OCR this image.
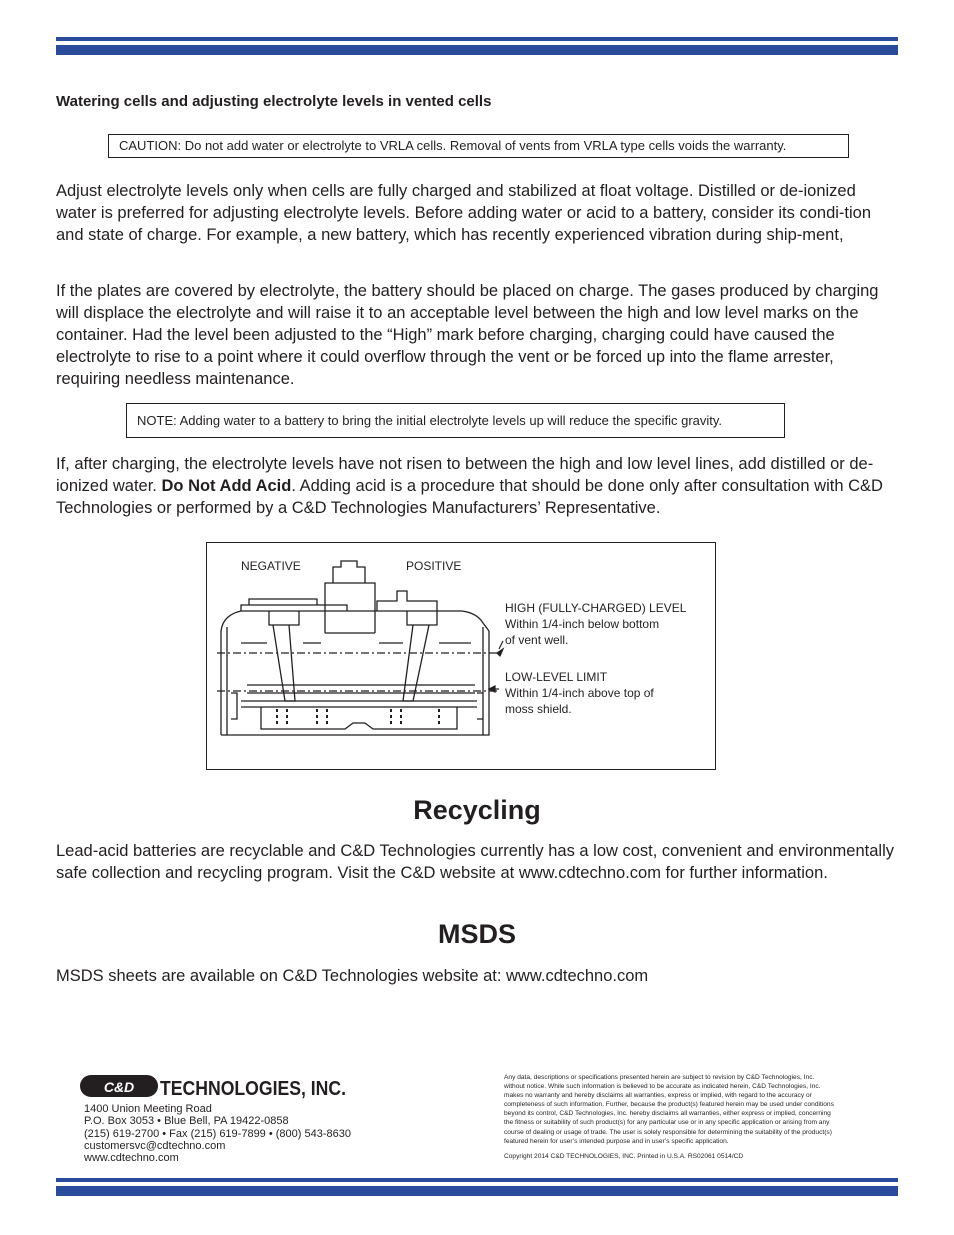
Watering cells and adjusting electrolyte levels in vented cells
CAUTION: Do not add water or electrolyte to VRLA cells. Removal of vents from VRLA type cells voids the warranty.

Adjust electrolyte levels only when cells are fully charged and stabilized at float voltage. Distilled or de-ionized water is preferred for adjusting electrolyte levels. Before adding water or acid to a battery, consider its condi-tion and state of charge. For example, a new battery, which has recently experienced vibration during ship-ment,

If the plates are covered by electrolyte, the battery should be placed on charge. The gases produced by charging will displace the electrolyte and will raise it to an acceptable level between the high and low level marks on the container. Had the level been adjusted to the “High” mark before charging, charging could have caused the electrolyte to rise to a point where it could overflow through the vent or be forced up into the flame arrester, requiring needless maintenance.

NOTE: Adding water to a battery to bring the initial electrolyte levels up will reduce the specific gravity.

If, after charging, the electrolyte levels have not risen to between the high and low level lines, add distilled or de-ionized water. Do Not Add Acid. Adding acid is a procedure that should be done only after consultation with C&D Technologies or performed by a C&D Technologies Manufacturers’ Representative.

NEGATIVE	POSITIVE
HIGH (FULLY-CHARGED) LEVEL
Within 1/4-inch below bottom
of vent well.
LOW-LEVEL LIMIT
Within 1/4-inch above top of
moss shield.
Recycling

Lead-acid batteries are recyclable and C&D Technologies currently has a low cost, convenient and environmentally safe collection and recycling program. Visit the C&D website at www.cdtechno.com for further information.

MSDS

MSDS sheets are available on C&D Technologies website at: www.cdtechno.com

C&D TECHNOLOGIES, INC.
1400 Union Meeting Road
P.O. Box 3053 • Blue Bell, PA 19422-0858
(215) 619-2700 • Fax (215) 619-7899 • (800) 543-8630
customersvc@cdtechno.com
www.cdtechno.com
Any data, descriptions or specifications presented herein are subject to revision by C&D Technologies, Inc.
without notice. While such information is believed to be accurate as indicated herein, C&D Technologies, Inc.
makes no warranty and hereby disclaims all warranties, express or implied, with regard to the accuracy or
completeness of such information. Further, because the product(s) featured herein may be used under conditions
beyond its control, C&D Technologies, Inc. hereby disclaims all warranties, either express or implied, concerning
the fitness or suitability of such product(s) for any particular use or in any specific application or arising from any
course of dealing or usage of trade. The user is solely responsible for determining the suitability of the product(s)
featured herein for user’s intended purpose and in user’s specific application.
Copyright 2014 C&D TECHNOLOGIES, INC. Printed in U.S.A. RS02061 0514/CD
